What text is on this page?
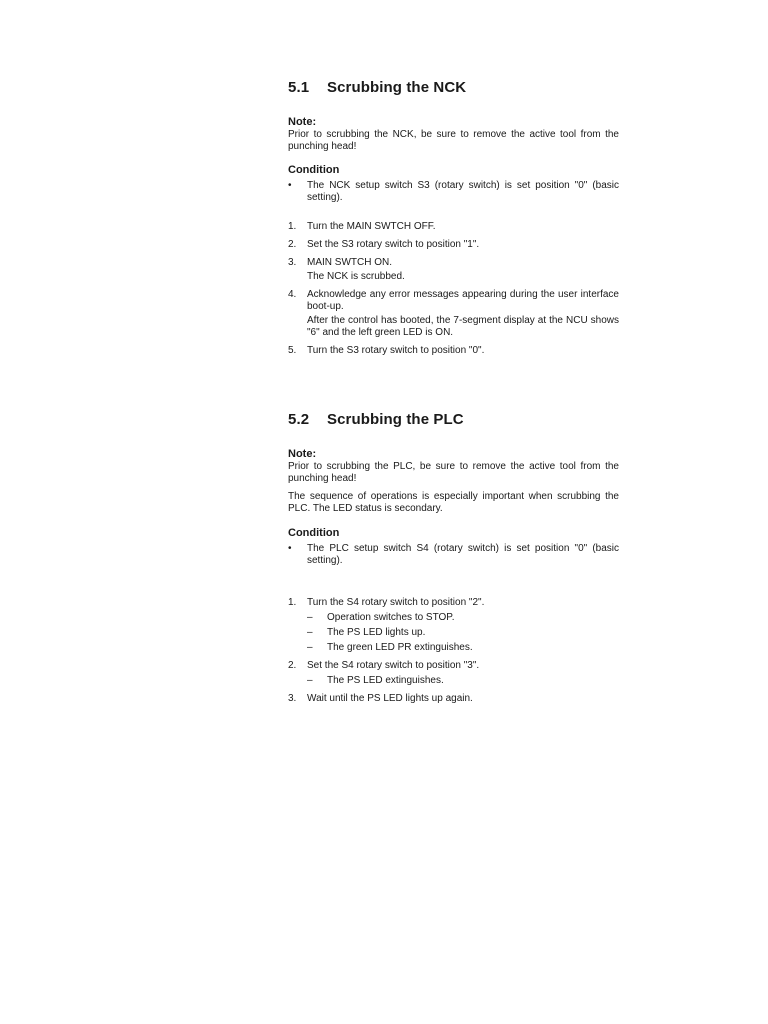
5.1 Scrubbing the NCK
Note:

Prior to scrubbing the NCK, be sure to remove the active tool from the punching head!

Condition
• The NCK setup switch S3 (rotary switch) is set position "0" (basic setting).
1. Turn the MAIN SWTCH OFF.
2. Set the S3 rotary switch to position "1".
3. MAIN SWTCH ON.
The NCK is scrubbed.
4. Acknowledge any error messages appearing during the user interface boot-up.
After the control has booted, the 7-segment display at the NCU shows "6" and the left green LED is ON.
5. Turn the S3 rotary switch to position "0".
5.2 Scrubbing the PLC
Note:

Prior to scrubbing the PLC, be sure to remove the active tool from the punching head!

The sequence of operations is especially important when scrubbing the PLC. The LED status is secondary.

Condition
• The PLC setup switch S4 (rotary switch) is set position "0" (basic setting).
1. Turn the S4 rotary switch to position "2".
– Operation switches to STOP.
– The PS LED lights up.
– The green LED PR extinguishes.
2. Set the S4 rotary switch to position "3".
– The PS LED extinguishes.
3. Wait until the PS LED lights up again.
